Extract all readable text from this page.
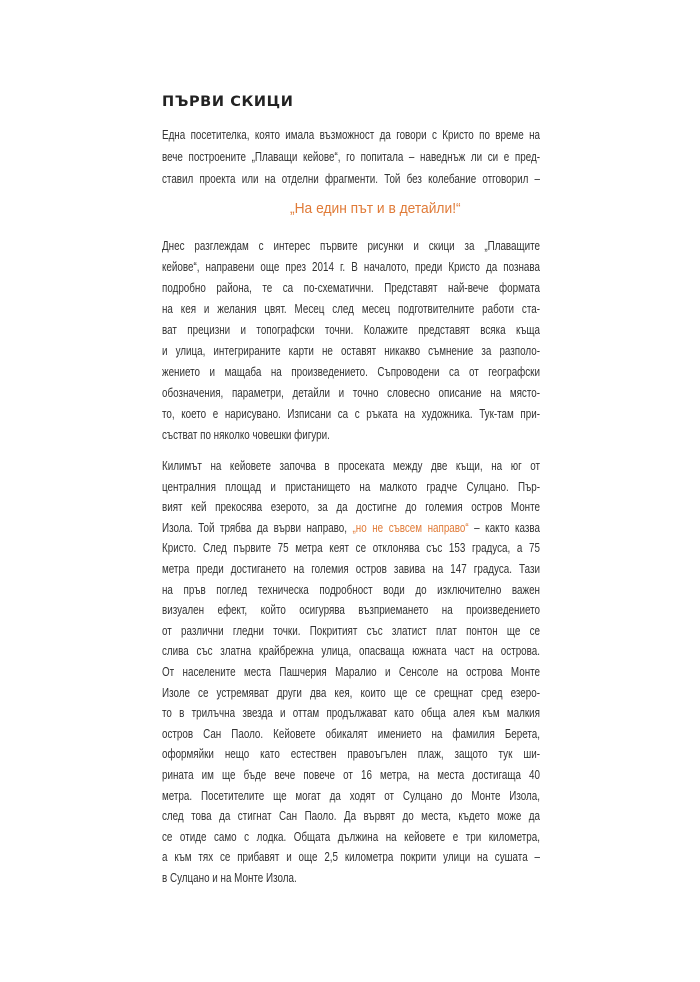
ПЪРВИ СКИЦИ
Една посетителка, която имала възможност да говори с Кристо по време на
вече построените „Плаващи кейове“, го попитала – наведнъж ли си е пред-
ставил проекта или на отделни фрагменти. Той без колебание отговорил –
„На един път и в детайли!“
Днес разглеждам с интерес първите рисунки и скици за „Плаващите
кейове“, направени още през 2014 г. В началото, преди Кристо да познава
подробно района, те са по-схематични. Представят най-вече формата
на кея и желания цвят. Месец след месец подготвителните работи ста-
ват прецизни и топографски точни. Колажите представят всяка къща
и улица, интегрираните карти не оставят никакво съмнение за разполо-
жението и мащаба на произведението. Съпроводени са от географски
обозначения, параметри, детайли и точно словесно описание на място-
то, което е нарисувано. Изписани са с ръката на художника. Тук-там при-
състват по няколко човешки фигури.
Килимът на кейовете започва в просеката между две къщи, на юг от
централния площад и пристанището на малкото градче Сулцано. Пър-
вият кей прекосява езерото, за да достигне до големия остров Монте
Изола. Той трябва да върви направо, „но не съвсем направо“ – както казва
Кристо. След първите 75 метра кеят се отклонява със 153 градуса, а 75
метра преди достигането на големия остров завива на 147 градуса. Тази
на пръв поглед техническа подробност води до изключително важен
визуален ефект, който осигурява възприемането на произведението
от различни гледни точки. Покритият със златист плат понтон ще се
слива със златна крайбрежна улица, опасваща южната част на острова.
От населените места Пашчерия Маралио и Сенсоле на острова Монте
Изоле се устремяват други два кея, които ще се срещнат сред езеро-
то в трилъчна звезда и оттам продължават като обща алея към малкия
остров Сан Паоло. Кейовете обикалят имението на фамилия Берета,
оформяйки нещо като естествен правоъгълен плаж, защото тук ши-
рината им ще бъде вече повече от 16 метра, на места достигаща 40
метра. Посетителите ще могат да ходят от Сулцано до Монте Изола,
след това да стигнат Сан Паоло. Да вървят до места, където може да
се отиде само с лодка. Общата дължина на кейовете е три километра,
а към тях се прибавят и още 2,5 километра покрити улици на сушата –
в Сулцано и на Монте Изола.
